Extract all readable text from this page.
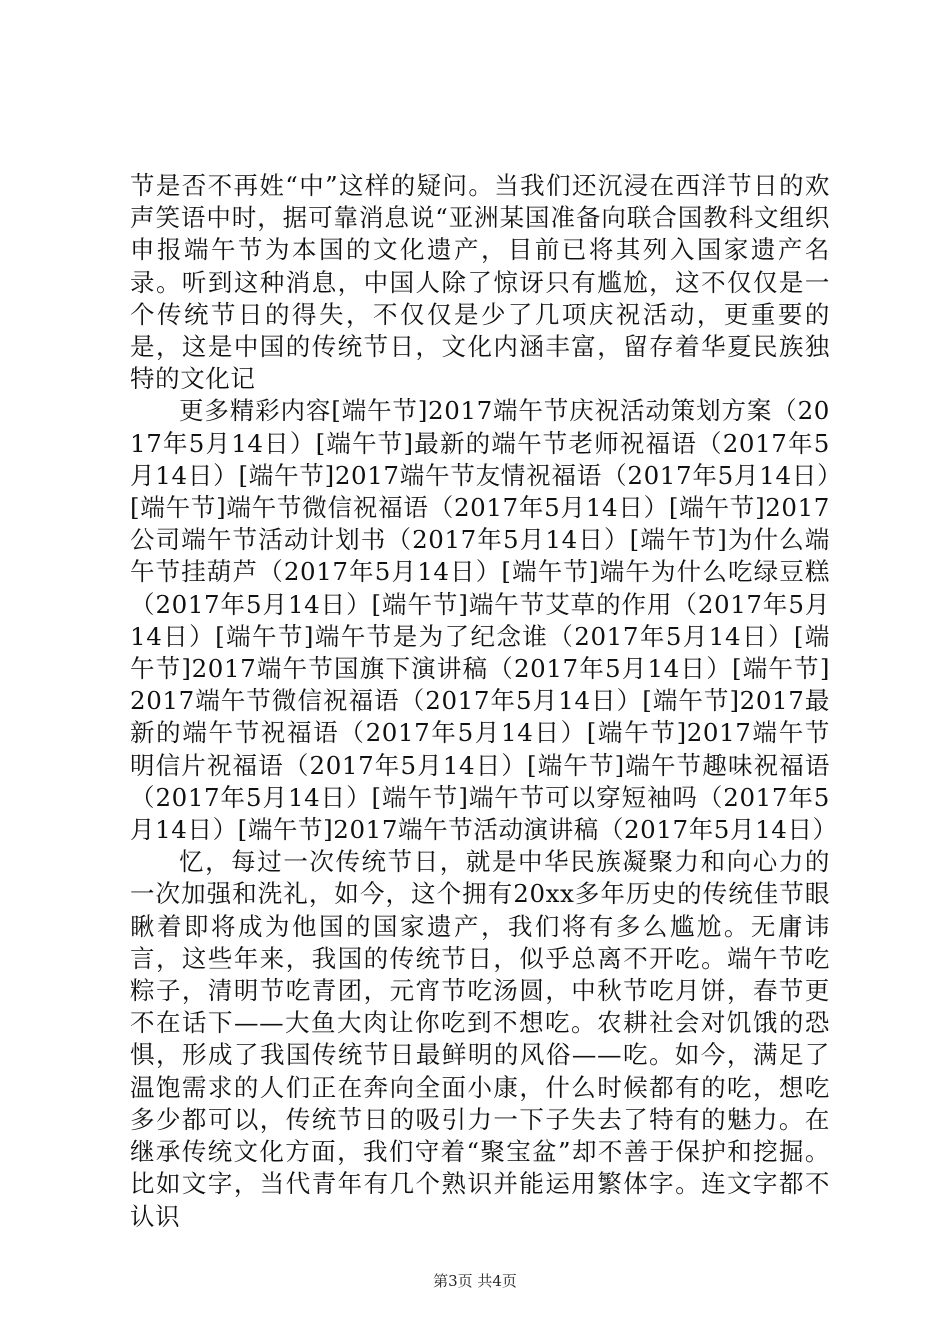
节是否不再姓“中”这样的疑问。当我们还沉浸在西洋节日的欢声笑语中时，据可靠消息说“亚洲某国准备向联合国教科文组织申报端午节为本国的文化遗产，目前已将其列入国家遗产名录。听到这种消息，中国人除了惊讶只有尴尬，这不仅仅是一个传统节日的得失，不仅仅是少了几项庆祝活动，更重要的是，这是中国的传统节日，文化内涵丰富，留存着华夏民族独特的文化记

更多精彩内容[端午节]2017端午节庆祝活动策划方案（2017年5月14日）[端午节]最新的端午节老师祝福语（2017年5月14日）[端午节]2017端午节友情祝福语（2017年5月14日）[端午节]端午节微信祝福语（2017年5月14日）[端午节]2017公司端午节活动计划书（2017年5月14日）[端午节]为什么端午节挂葫芦（2017年5月14日）[端午节]端午为什么吃绿豆糕（2017年5月14日）[端午节]端午节艾草的作用（2017年5月14日）[端午节]端午节是为了纪念谁（2017年5月14日）[端午节]2017端午节国旗下演讲稿（2017年5月14日）[端午节]2017端午节微信祝福语（2017年5月14日）[端午节]2017最新的端午节祝福语（2017年5月14日）[端午节]2017端午节明信片祝福语（2017年5月14日）[端午节]端午节趣味祝福语（2017年5月14日）[端午节]端午节可以穿短袖吗（2017年5月14日）[端午节]2017端午节活动演讲稿（2017年5月14日）

忆，每过一次传统节日，就是中华民族凝聚力和向心力的一次加强和洗礼，如今，这个拥有20xx多年历史的传统佳节眼瞅着即将成为他国的国家遗产，我们将有多么尴尬。无庸讳言，这些年来，我国的传统节日，似乎总离不开吃。端午节吃粽子，清明节吃青团，元宵节吃汤圆，中秋节吃月饼，春节更不在话下——大鱼大肉让你吃到不想吃。农耕社会对饥饿的恐惧，形成了我国传统节日最鲜明的风俗——吃。如今，满足了温饱需求的人们正在奔向全面小康，什么时候都有的吃，想吃多少都可以，传统节日的吸引力一下子失去了特有的魅力。在继承传统文化方面，我们守着“聚宝盆”却不善于保护和挖掘。比如文字，当代青年有几个熟识并能运用繁体字。连文字都不认识

第3页 共4页
